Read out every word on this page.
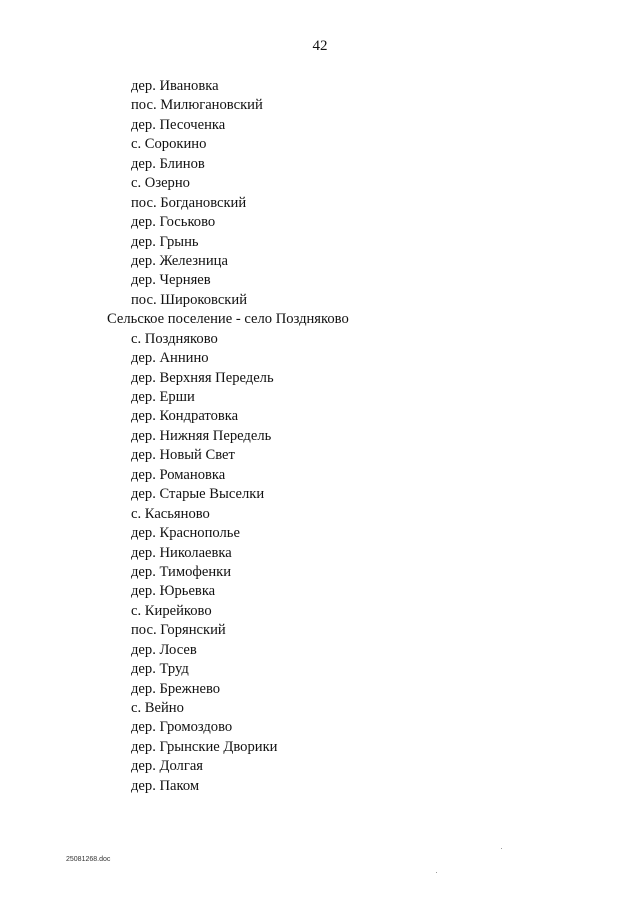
42
дер. Ивановка
пос. Милюгановский
дер. Песоченка
с. Сорокино
дер. Блинов
с. Озерно
пос. Богдановский
дер. Госьково
дер. Грынь
дер. Железница
дер. Черняев
пос. Широковский
Сельское поселение - село Поздняково
с. Поздняково
дер. Аннино
дер. Верхняя Передель
дер. Ерши
дер. Кондратовка
дер. Нижняя Передель
дер. Новый Свет
дер. Романовка
дер. Старые Выселки
с. Касьяново
дер. Краснополье
дер. Николаевка
дер. Тимофенки
дер. Юрьевка
с. Кирейково
пос. Горянский
дер. Лосев
дер. Труд
дер. Брежнево
с. Вейно
дер. Громоздово
дер. Грынские Дворики
дер. Долгая
дер. Паком
25081268.doc
